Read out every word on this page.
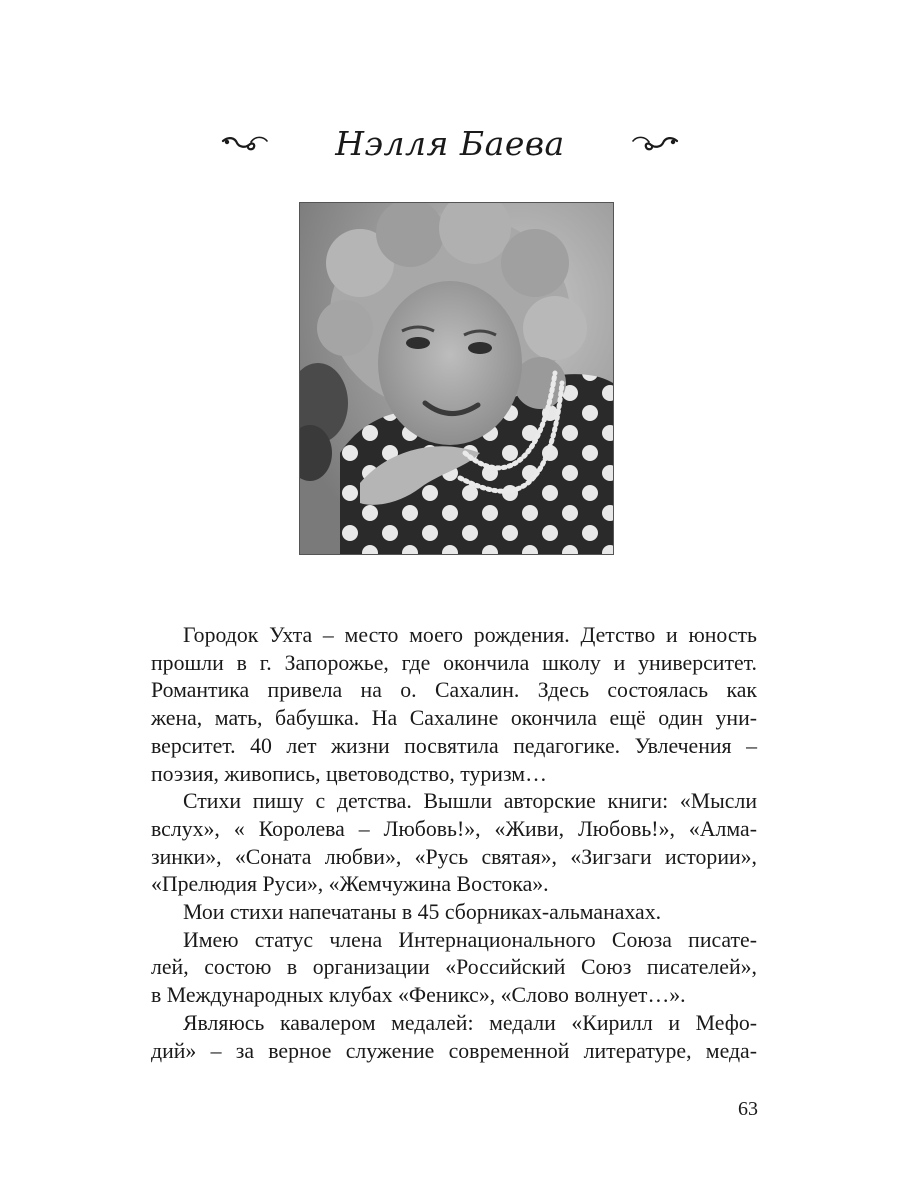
Нэлля Баева
Городок Ухта – место моего рождения. Детство и юность
прошли в г. Запорожье, где окончила школу и университет.
Романтика привела на о. Сахалин. Здесь состоялась как
жена, мать, бабушка. На Сахалине окончила ещё один уни-
верситет. 40 лет жизни посвятила педагогике. Увлечения –
поэзия, живопись, цветоводство, туризм…
Стихи пишу с детства. Вышли авторские книги: «Мысли
вслух», « Королева – Любовь!», «Живи, Любовь!», «Алма-
зинки», «Соната любви», «Русь святая», «Зигзаги истории»,
«Прелюдия Руси», «Жемчужина Востока».
Мои стихи напечатаны в 45 сборниках-альманахах.
Имею статус члена Интернационального Союза писате-
лей, состою в организации «Российский Союз писателей»,
в Международных клубах «Феникс», «Слово волнует…».
Являюсь кавалером медалей: медали «Кирилл и Мефо-
дий» – за верное служение современной литературе, меда-
63
